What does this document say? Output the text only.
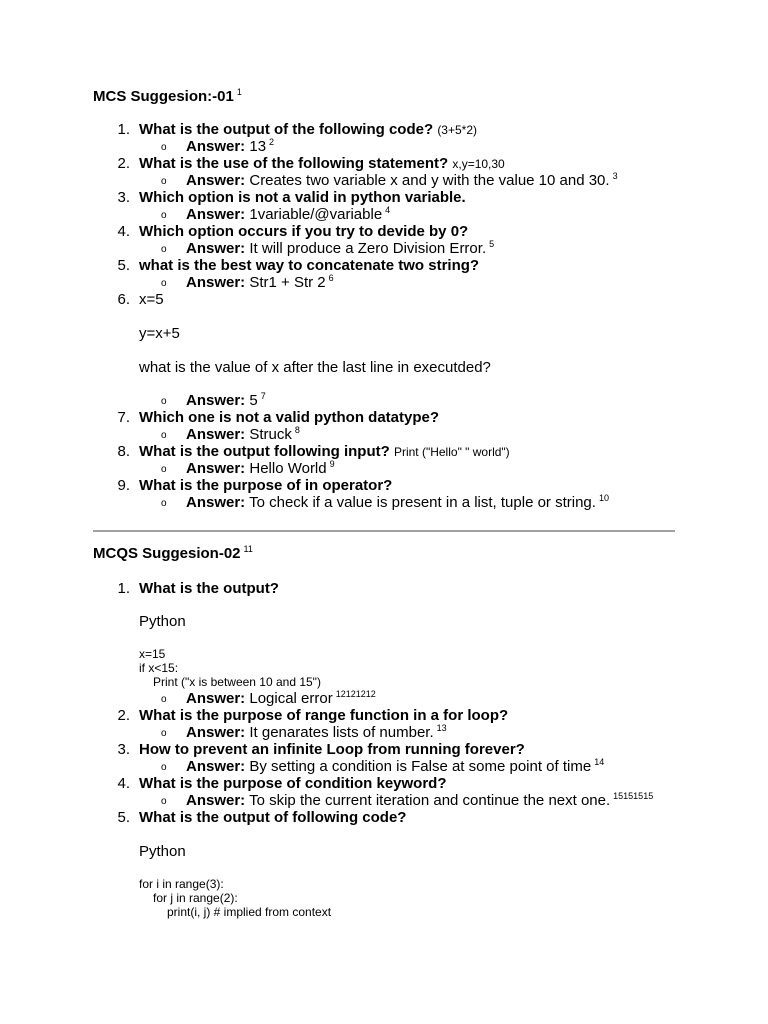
MCS Suggesion:-01 $^1$
1. What is the output of the following code? (3+5*2)
o Answer: 13 $^2$
2. What is the use of the following statement? x,y=10,30
o Answer: Creates two variable x and y with the value 10 and 30. $^3$
3. Which option is not a valid in python variable.
o Answer: 1variable/@variable $^4$
4. Which option occurs if you try to devide by 0?
o Answer: It will produce a Zero Division Error. $^5$
5. what is the best way to concatenate two string?
o Answer: Str1 + Str 2 $^6$
6. x=5
y=x+5
what is the value of x after the last line in executded?
o Answer: 5 $^7$
7. Which one is not a valid python datatype?
o Answer: Struck $^8$
8. What is the output following input? Print ("Hello" " world")
o Answer: Hello World $^9$
9. What is the purpose of in operator?
o Answer: To check if a value is present in a list, tuple or string. $^{10}$
MCQS Suggesion-02 $^{11}$
1. What is the output?
Python
x=15
if x<15:
Print ("x is between 10 and 15")
o Answer: Logical error $^{12121212}$
2. What is the purpose of range function in a for loop?
o Answer: It genarates lists of number. $^{13}$
3. How to prevent an infinite Loop from running forever?
o Answer: By setting a condition is False at some point of time $^{14}$
4. What is the purpose of condition keyword?
o Answer: To skip the current iteration and continue the next one. $^{15151515}$
5. What is the output of following code?
Python
for i in range(3):
for j in range(2):
print(i, j) # implied from context
